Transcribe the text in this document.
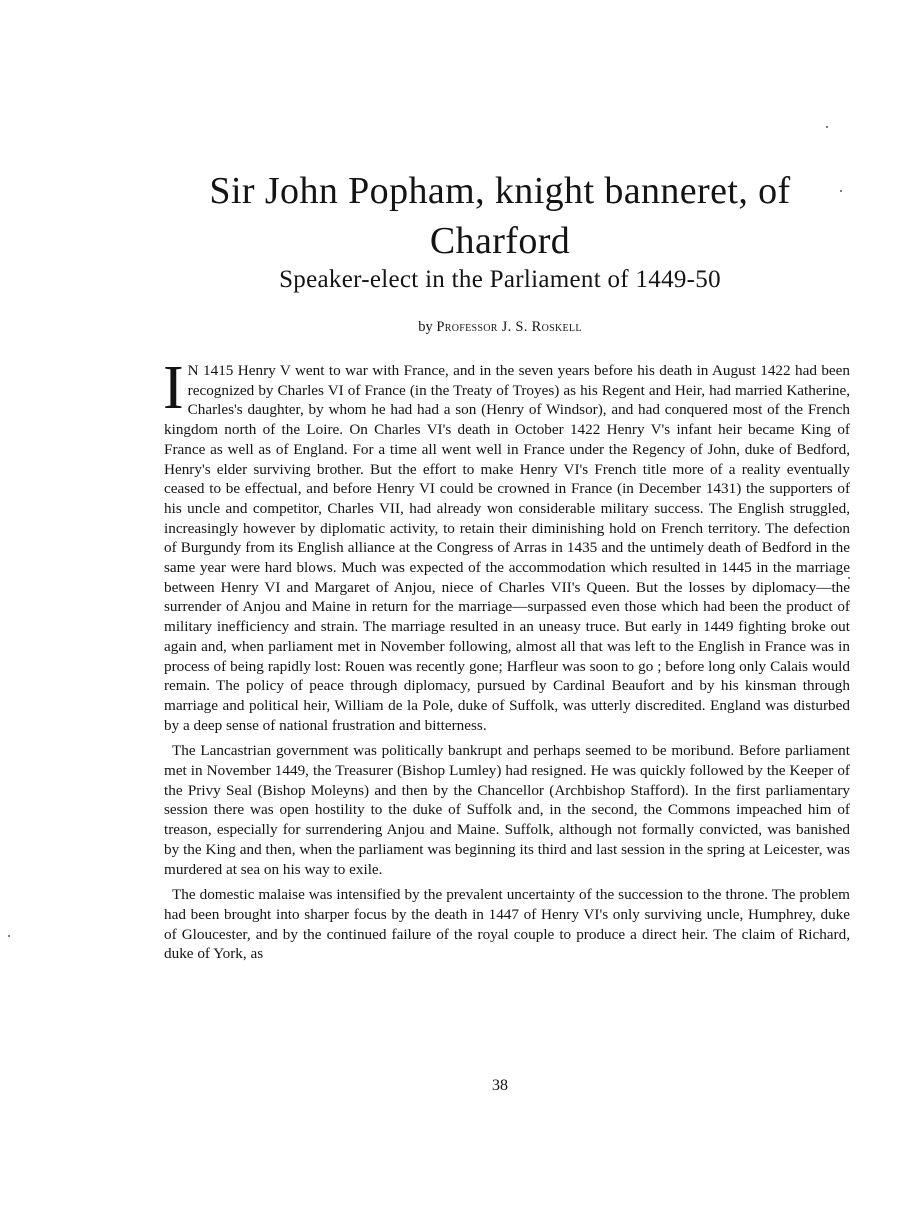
Sir John Popham, knight banneret, of Charford
Speaker-elect in the Parliament of 1449-50

by Professor J. S. Roskell

I N 1415 Henry V went to war with France, and in the seven years before his death in August 1422 had been recognized by Charles VI of France (in the Treaty of Troyes) as his Regent and Heir, had married Katherine, Charles's daughter, by whom he had had a son (Henry of Windsor), and had conquered most of the French kingdom north of the Loire. On Charles VI's death in October 1422 Henry V's infant heir became King of France as well as of England. For a time all went well in France under the Regency of John, duke of Bedford, Henry's elder surviving brother. But the effort to make Henry VI's French title more of a reality eventually ceased to be effectual, and before Henry VI could be crowned in France (in December 1431) the supporters of his uncle and competitor, Charles VII, had already won considerable military success. The English struggled, increasingly however by diplomatic activity, to retain their diminishing hold on French territory. The defection of Burgundy from its English alliance at the Congress of Arras in 1435 and the untimely death of Bedford in the same year were hard blows. Much was expected of the accommodation which resulted in 1445 in the marriage between Henry VI and Margaret of Anjou, niece of Charles VII's Queen. But the losses by diplomacy—the surrender of Anjou and Maine in return for the marriage—surpassed even those which had been the product of military inefficiency and strain. The marriage resulted in an uneasy truce. But early in 1449 fighting broke out again and, when parliament met in November following, almost all that was left to the English in France was in process of being rapidly lost: Rouen was recently gone; Harfleur was soon to go ; before long only Calais would remain. The policy of peace through diplomacy, pursued by Cardinal Beaufort and by his kinsman through marriage and political heir, William de la Pole, duke of Suffolk, was utterly discredited. England was disturbed by a deep sense of national frustration and bitterness.

The Lancastrian government was politically bankrupt and perhaps seemed to be moribund. Before parliament met in November 1449, the Treasurer (Bishop Lumley) had resigned. He was quickly followed by the Keeper of the Privy Seal (Bishop Moleyns) and then by the Chancellor (Archbishop Stafford). In the first parliamentary session there was open hostility to the duke of Suffolk and, in the second, the Commons impeached him of treason, especially for surrendering Anjou and Maine. Suffolk, although not formally convicted, was banished by the King and then, when the parliament was beginning its third and last session in the spring at Leicester, was murdered at sea on his way to exile.

The domestic malaise was intensified by the prevalent uncertainty of the succession to the throne. The problem had been brought into sharper focus by the death in 1447 of Henry VI's only surviving uncle, Humphrey, duke of Gloucester, and by the continued failure of the royal couple to produce a direct heir. The claim of Richard, duke of York, as

38
